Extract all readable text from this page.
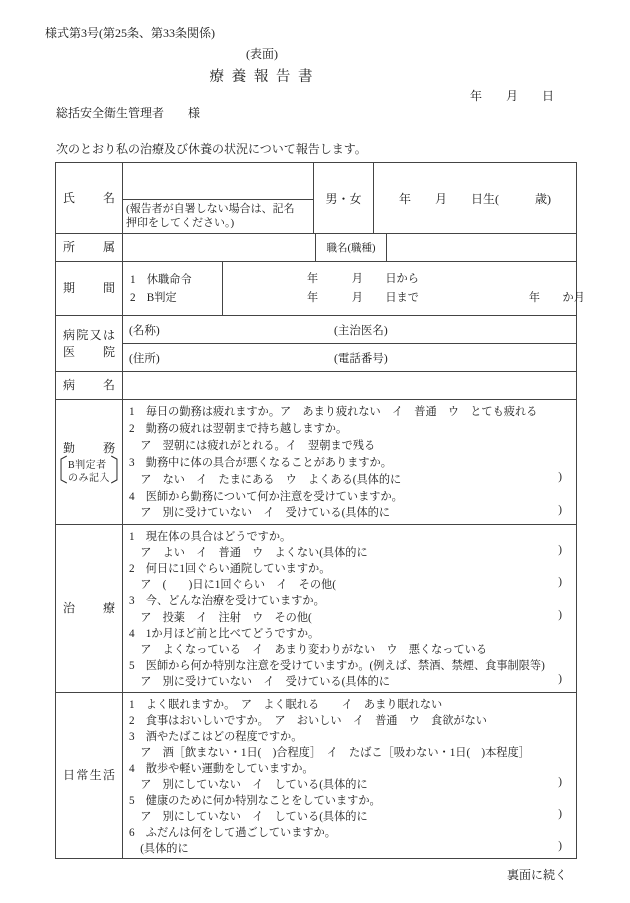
様式第3号(第25条、第33条関係)
(表面)
療 養 報 告 書
年　　月　　日
総括安全衛生管理者　　様
次のとおり私の治療及び休養の状況について報告します。
氏 名
(報告者が自署しない場合は、記名
押印をしてください。)
男・女	年　　月　　日生(　　　歳)
所 属	職名(職種)
期 間
1　休職命令
2　B判定
年　　　月　　日から
年　　　月　　日まで	年　　か月
病 院 又 は
医 院
(名称)	(主治医名)
(住所)	(電話番号)
病 名
勤 務
〔 B判定者
のみ記入 〕
1　毎日の勤務は疲れますか。ア　あまり疲れない　イ　普通　ウ　とても疲れる
2　勤務の疲れは翌朝まで持ち越しますか。
　ア　翌朝には疲れがとれる。イ　翌朝まで残る
3　勤務中に体の具合が悪くなることがありますか。
　ア　ない　イ　たまにある　ウ　よくある(具体的に	)
4　医師から勤務について何か注意を受けていますか。
　ア　別に受けていない　イ　受けている(具体的に	)
治 療
1　現在体の具合はどうですか。
　ア　よい　イ　普通　ウ　よくない(具体的に	)
2　何日に1回ぐらい通院していますか。
　ア　(　　)日に1回ぐらい　イ　その他(	)
3　今、どんな治療を受けていますか。
　ア　投薬　イ　注射　ウ　その他(	)
4　1か月ほど前と比べてどうですか。
　ア　よくなっている　イ　あまり変わりがない　ウ　悪くなっている
5　医師から何か特別な注意を受けていますか。(例えば、禁酒、禁煙、食事制限等)
　ア　別に受けていない　イ　受けている(具体的に	)
日 常 生 活
1　よく眠れますか。　ア　よく眠れる　　イ　あまり眠れない
2　食事はおいしいですか。　ア　おいしい　イ　普通　ウ　食欲がない
3　酒やたばこはどの程度ですか。
　ア　酒［飲まない・1日(　)合程度］　イ　たばこ［吸わない・1日(　)本程度］
4　散歩や軽い運動をしていますか。
　ア　別にしていない　イ　している(具体的に	)
5　健康のために何か特別なことをしていますか。
　ア　別にしていない　イ　している(具体的に	)
6　ふだんは何をして過ごしていますか。
　(具体的に	)
裏面に続く
